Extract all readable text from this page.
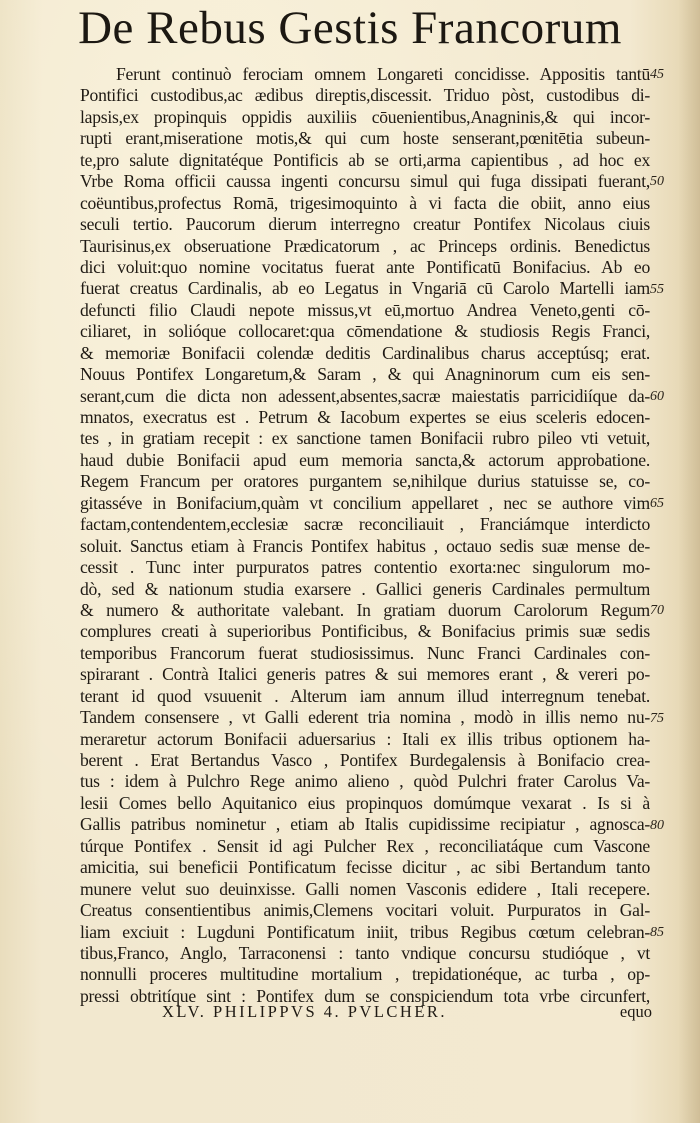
De Rebus Gestis Francorum
Ferunt continuò ferociam omnem Longareti concidisse. Appositis tantū
Pontifici custodibus,ac ædibus direptis,discessit. Triduo pòst, custodibus di-
lapsis,ex propinquis oppidis auxiliis cōuenientibus,Anagninis,& qui incor-
rupti erant,miseratione motis,& qui cum hoste senserant,pœnitētia subeun-
te,pro salute dignitatéque Pontificis ab se orti,arma capientibus , ad hoc ex
Vrbe Roma officii caussa ingenti concursu simul qui fuga dissipati fuerant,
coëuntibus,profectus Romā, trigesimoquinto à vi facta die obiit, anno eius
seculi tertio. Paucorum dierum interregno creatur Pontifex Nicolaus ciuis
Taurisinus,ex obseruatione Prædicatorum , ac Princeps ordinis. Benedictus
dici voluit:quo nomine vocitatus fuerat ante Pontificatū Bonifacius. Ab eo
fuerat creatus Cardinalis, ab eo Legatus in Vngariā cū Carolo Martelli iam
defuncti filio Claudi nepote missus,vt eū,mortuo Andrea Veneto,genti cō-
ciliaret, in solióque collocaret:qua cōmendatione & studiosis Regis Franci,
& memoriæ Bonifacii colendæ deditis Cardinalibus charus acceptúsq; erat.
Nouus Pontifex Longaretum,& Saram , & qui Anagninorum cum eis sen-
serant,cum die dicta non adessent,absentes,sacræ maiestatis parricidiíque da-
mnatos, execratus est . Petrum & Iacobum expertes se eius sceleris edocen-
tes , in gratiam recepit : ex sanctione tamen Bonifacii rubro pileo vti vetuit,
haud dubie Bonifacii apud eum memoria sancta,& actorum approbatione.
Regem Francum per oratores purgantem se,nihilque durius statuisse se, co-
gitasséve in Bonifacium,quàm vt concilium appellaret , nec se authore vim
factam,contendentem,ecclesiæ sacræ reconciliauit , Franciámque interdicto
soluit. Sanctus etiam à Francis Pontifex habitus , octauo sedis suæ mense de-
cessit . Tunc inter purpuratos patres contentio exorta:nec singulorum mo-
dò, sed & nationum studia exarsere . Gallici generis Cardinales permultum
& numero & authoritate valebant. In gratiam duorum Carolorum Regum
complures creati à superioribus Pontificibus, & Bonifacius primis suæ sedis
temporibus Francorum fuerat studiosissimus. Nunc Franci Cardinales con-
spirarant . Contrà Italici generis patres & sui memores erant , & vereri po-
terant id quod vsuuenit . Alterum iam annum illud interregnum tenebat.
Tandem consensere , vt Galli ederent tria nomina , modò in illis nemo nu-
meraretur actorum Bonifacii aduersarius : Itali ex illis tribus optionem ha-
berent . Erat Bertandus Vasco , Pontifex Burdegalensis à Bonifacio crea-
tus : idem à Pulchro Rege animo alieno , quòd Pulchri frater Carolus Va-
lesii Comes bello Aquitanico eius propinquos domúmque vexarat . Is si à
Gallis patribus nominetur , etiam ab Italis cupidissime recipiatur , agnosca-
túrque Pontifex . Sensit id agi Pulcher Rex , reconciliatáque cum Vascone
amicitia, sui beneficii Pontificatum fecisse dicitur , ac sibi Bertandum tanto
munere velut suo deuinxisse. Galli nomen Vasconis edidere , Itali recepere.
Creatus consentientibus animis,Clemens vocitari voluit. Purpuratos in Gal-
liam exciuit : Lugduni Pontificatum iniit, tribus Regibus cœtum celebran-
tibus,Franco, Anglo, Tarraconensi : tanto vndique concursu studióque , vt
nonnulli proceres multitudine mortalium , trepidationéque, ac turba , op-
pressi obtritíque sint : Pontifex dum se conspiciendum tota vrbe circunfert,
45
50
55
60
65
70
75
80
85
XLV. PHILIPPVS 4. PVLCHER.	equo
